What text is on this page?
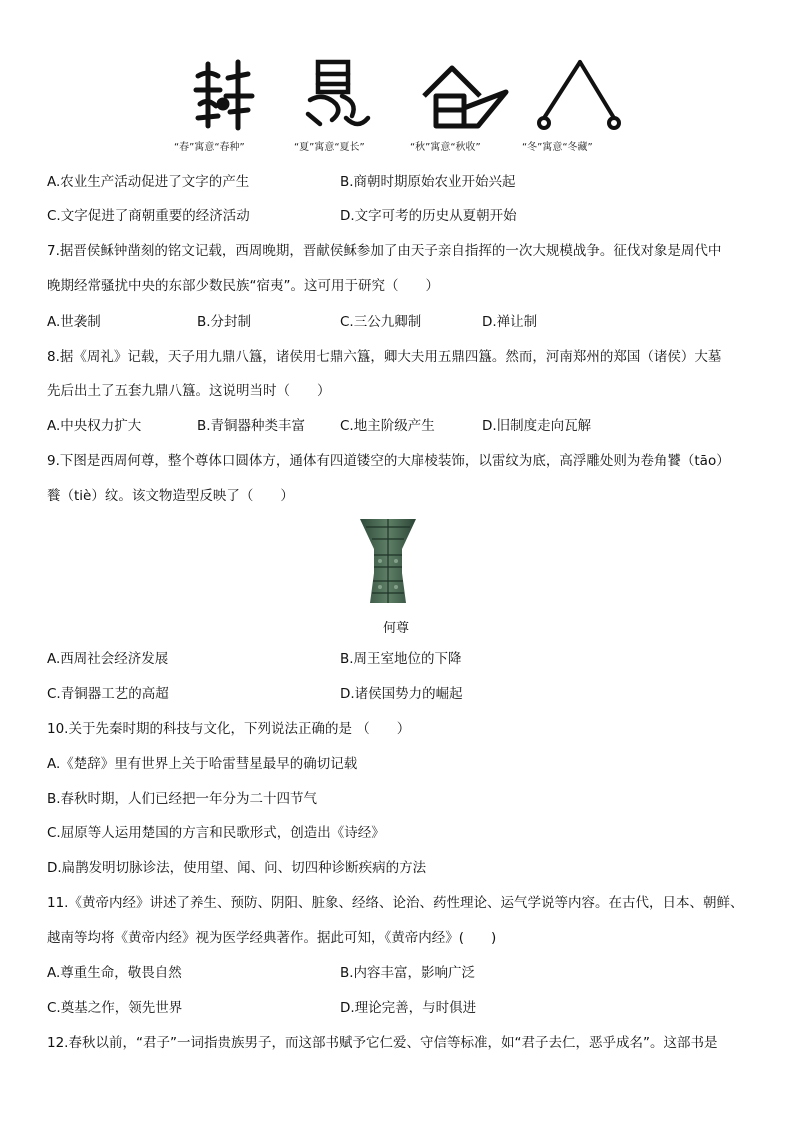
“春”寓意“春种”	“夏”寓意“夏长”	“秋”寓意“秋收”	“冬”寓意“冬藏”
A.农业生产活动促进了文字的产生	B.商朝时期原始农业开始兴起
C.文字促进了商朝重要的经济活动	D.文字可考的历史从夏朝开始
7.据晋侯稣钟凿刻的铭文记载，西周晚期，晋献侯稣参加了由天子亲自指挥的一次大规模战争。征伐对象是周代中
晚期经常骚扰中央的东部少数民族“宿夷”。这可用于研究（　　）
A.世袭制	B.分封制	C.三公九卿制	D.禅让制
8.据《周礼》记载，天子用九鼎八簋，诸侯用七鼎六簋，卿大夫用五鼎四簋。然而，河南郑州的郑国（诸侯）大墓
先后出土了五套九鼎八簋。这说明当时（　　）
A.中央权力扩大	B.青铜器种类丰富	C.地主阶级产生	D.旧制度走向瓦解
9.下图是西周何尊，整个尊体口圆体方，通体有四道镂空的大扉棱装饰，以雷纹为底，高浮雕处则为卷角饕（tāo）
餮（tiè）纹。该文物造型反映了（　　）
何尊
A.西周社会经济发展	B.周王室地位的下降
C.青铜器工艺的高超	D.诸侯国势力的崛起
10.关于先秦时期的科技与文化，下列说法正确的是 （　　）
A.《楚辞》里有世界上关于哈雷彗星最早的确切记载
B.春秋时期，人们已经把一年分为二十四节气
C.屈原等人运用楚国的方言和民歌形式，创造出《诗经》
D.扁鹊发明切脉诊法，使用望、闻、问、切四种诊断疾病的方法
11.《黄帝内经》讲述了养生、预防、阴阳、脏象、经络、论治、药性理论、运气学说等内容。在古代，日本、朝鲜、
越南等均将《黄帝内经》视为医学经典著作。据此可知，《黄帝内经》(　　)
A.尊重生命，敬畏自然	B.内容丰富，影响广泛
C.奠基之作，领先世界	D.理论完善，与时俱进
12.春秋以前，“君子”一词指贵族男子，而这部书赋予它仁爱、守信等标准，如“君子去仁，恶乎成名”。这部书是
